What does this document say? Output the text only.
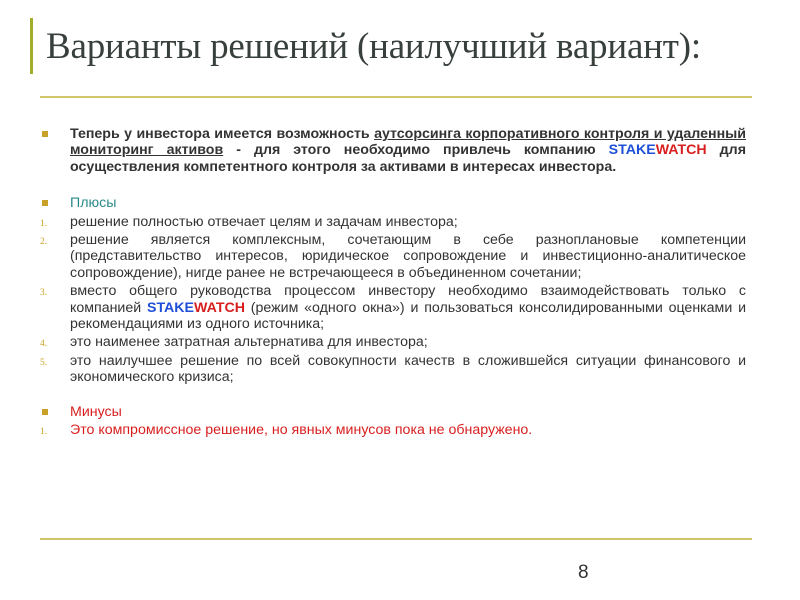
Варианты решений (наилучший вариант):
Теперь у инвестора имеется возможность аутсорсинга корпоративного контроля и удаленный мониторинг активов - для этого необходимо привлечь компанию STAKEWATCH для осуществления компетентного контроля за активами в интересах инвестора.
Плюсы
1. решение полностью отвечает целям и задачам инвестора;
2. решение является комплексным, сочетающим в себе разноплановые компетенции (представительство интересов, юридическое сопровождение и инвестиционно-аналитическое сопровождение), нигде ранее не встречающееся в объединенном сочетании;
3. вместо общего руководства процессом инвестору необходимо взаимодействовать только с компанией STAKEWATCH (режим «одного окна») и пользоваться консолидированными оценками и рекомендациями из одного источника;
4. это наименее затратная альтернатива для инвестора;
5. это наилучшее решение по всей совокупности качеств в сложившейся ситуации финансового и экономического кризиса;
Минусы
1. Это компромиссное решение, но явных минусов пока не обнаружено.
8
